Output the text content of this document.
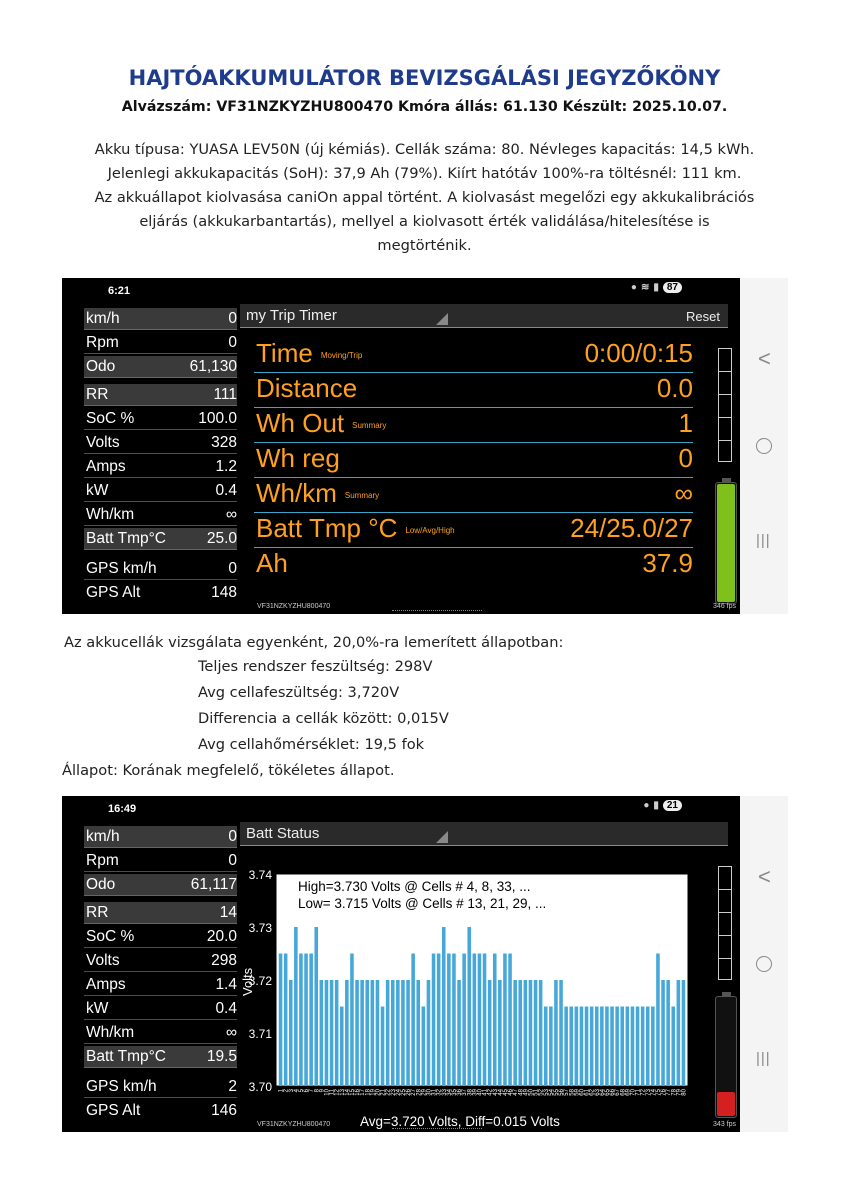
HAJTÓAKKUMULÁTOR BEVIZSGÁLÁSI JEGYZŐKÖNY
Alvázszám: VF31NZKYZHU800470 Kmóra állás: 61.130 Készült: 2025.10.07.
Akku típusa: YUASA LEV50N (új kémiás). Cellák száma: 80. Névleges kapacitás: 14,5 kWh.
Jelenlegi akkukapacitás (SoH): 37,9 Ah (79%). Kiírt hatótáv 100%-ra töltésnél: 111 km.
Az akkuállapot kiolvasása caniOn appal történt. A kiolvasást megelőzi egy akkukalibrációs
eljárás (akkukarbantartás), mellyel a kiolvasott érték validálása/hitelesítése is
megtörténik.
6:21	● ≋ ▮ 87
km/h	0
Rpm	0
Odo	61,130
RR	111
SoC %	100.0
Volts	328
Amps	1.2
kW	0.4
Wh/km	∞
Batt Tmp°C	25.0
GPS km/h	0
GPS Alt	148
my Trip Timer	Reset
Time Moving/Trip	0:00/0:15
Distance	0.0
Wh Out Summary	1
Wh reg	0
Wh/km Summary	∞
Batt Tmp °C Low/Avg/High	24/25.0/27
Ah	37.9
VF31NZKYZHU800470	346 fps
<
|||
Az akkucellák vizsgálata egyenként, 20,0%-ra lemerített állapotban:
Teljes rendszer feszültség: 298V
Avg cellafeszültség: 3,720V
Differencia a cellák között: 0,015V
Avg cellahőmérséklet: 19,5 fok
Állapot: Korának megfelelő, tökéletes állapot.
16:49	● ▮ 21
km/h	0
Rpm	0
Odo	61,117
RR	14
SoC %	20.0
Volts	298
Amps	1.4
kW	0.4
Wh/km	∞
Batt Tmp°C	19.5
GPS km/h	2
GPS Alt	146
Batt Status
3.74
3.73
3.72
3.71
3.70
Volts
1 2 3 4 5 6 7 8 9 10 11 12 13 14 15 16 17 18 19 20 21 22 23 24 25 26 27 28 29 30 31 32 33 34 35 36 37 38 39 40 41 42 43 44 45 46 47 48 49 50 51 52 53 54 55 56 57 58 59 60 61 62 63 64 65 66 67 68 69 70 71 72 73 74 75 76 77 78 79 80
High=3.730 Volts @ Cells # 4, 8, 33, ...
Low= 3.715 Volts @ Cells # 13, 21, 29, ...
Avg=3.720 Volts, Diff=0.015 Volts
VF31NZKYZHU800470	343 fps
<
|||
